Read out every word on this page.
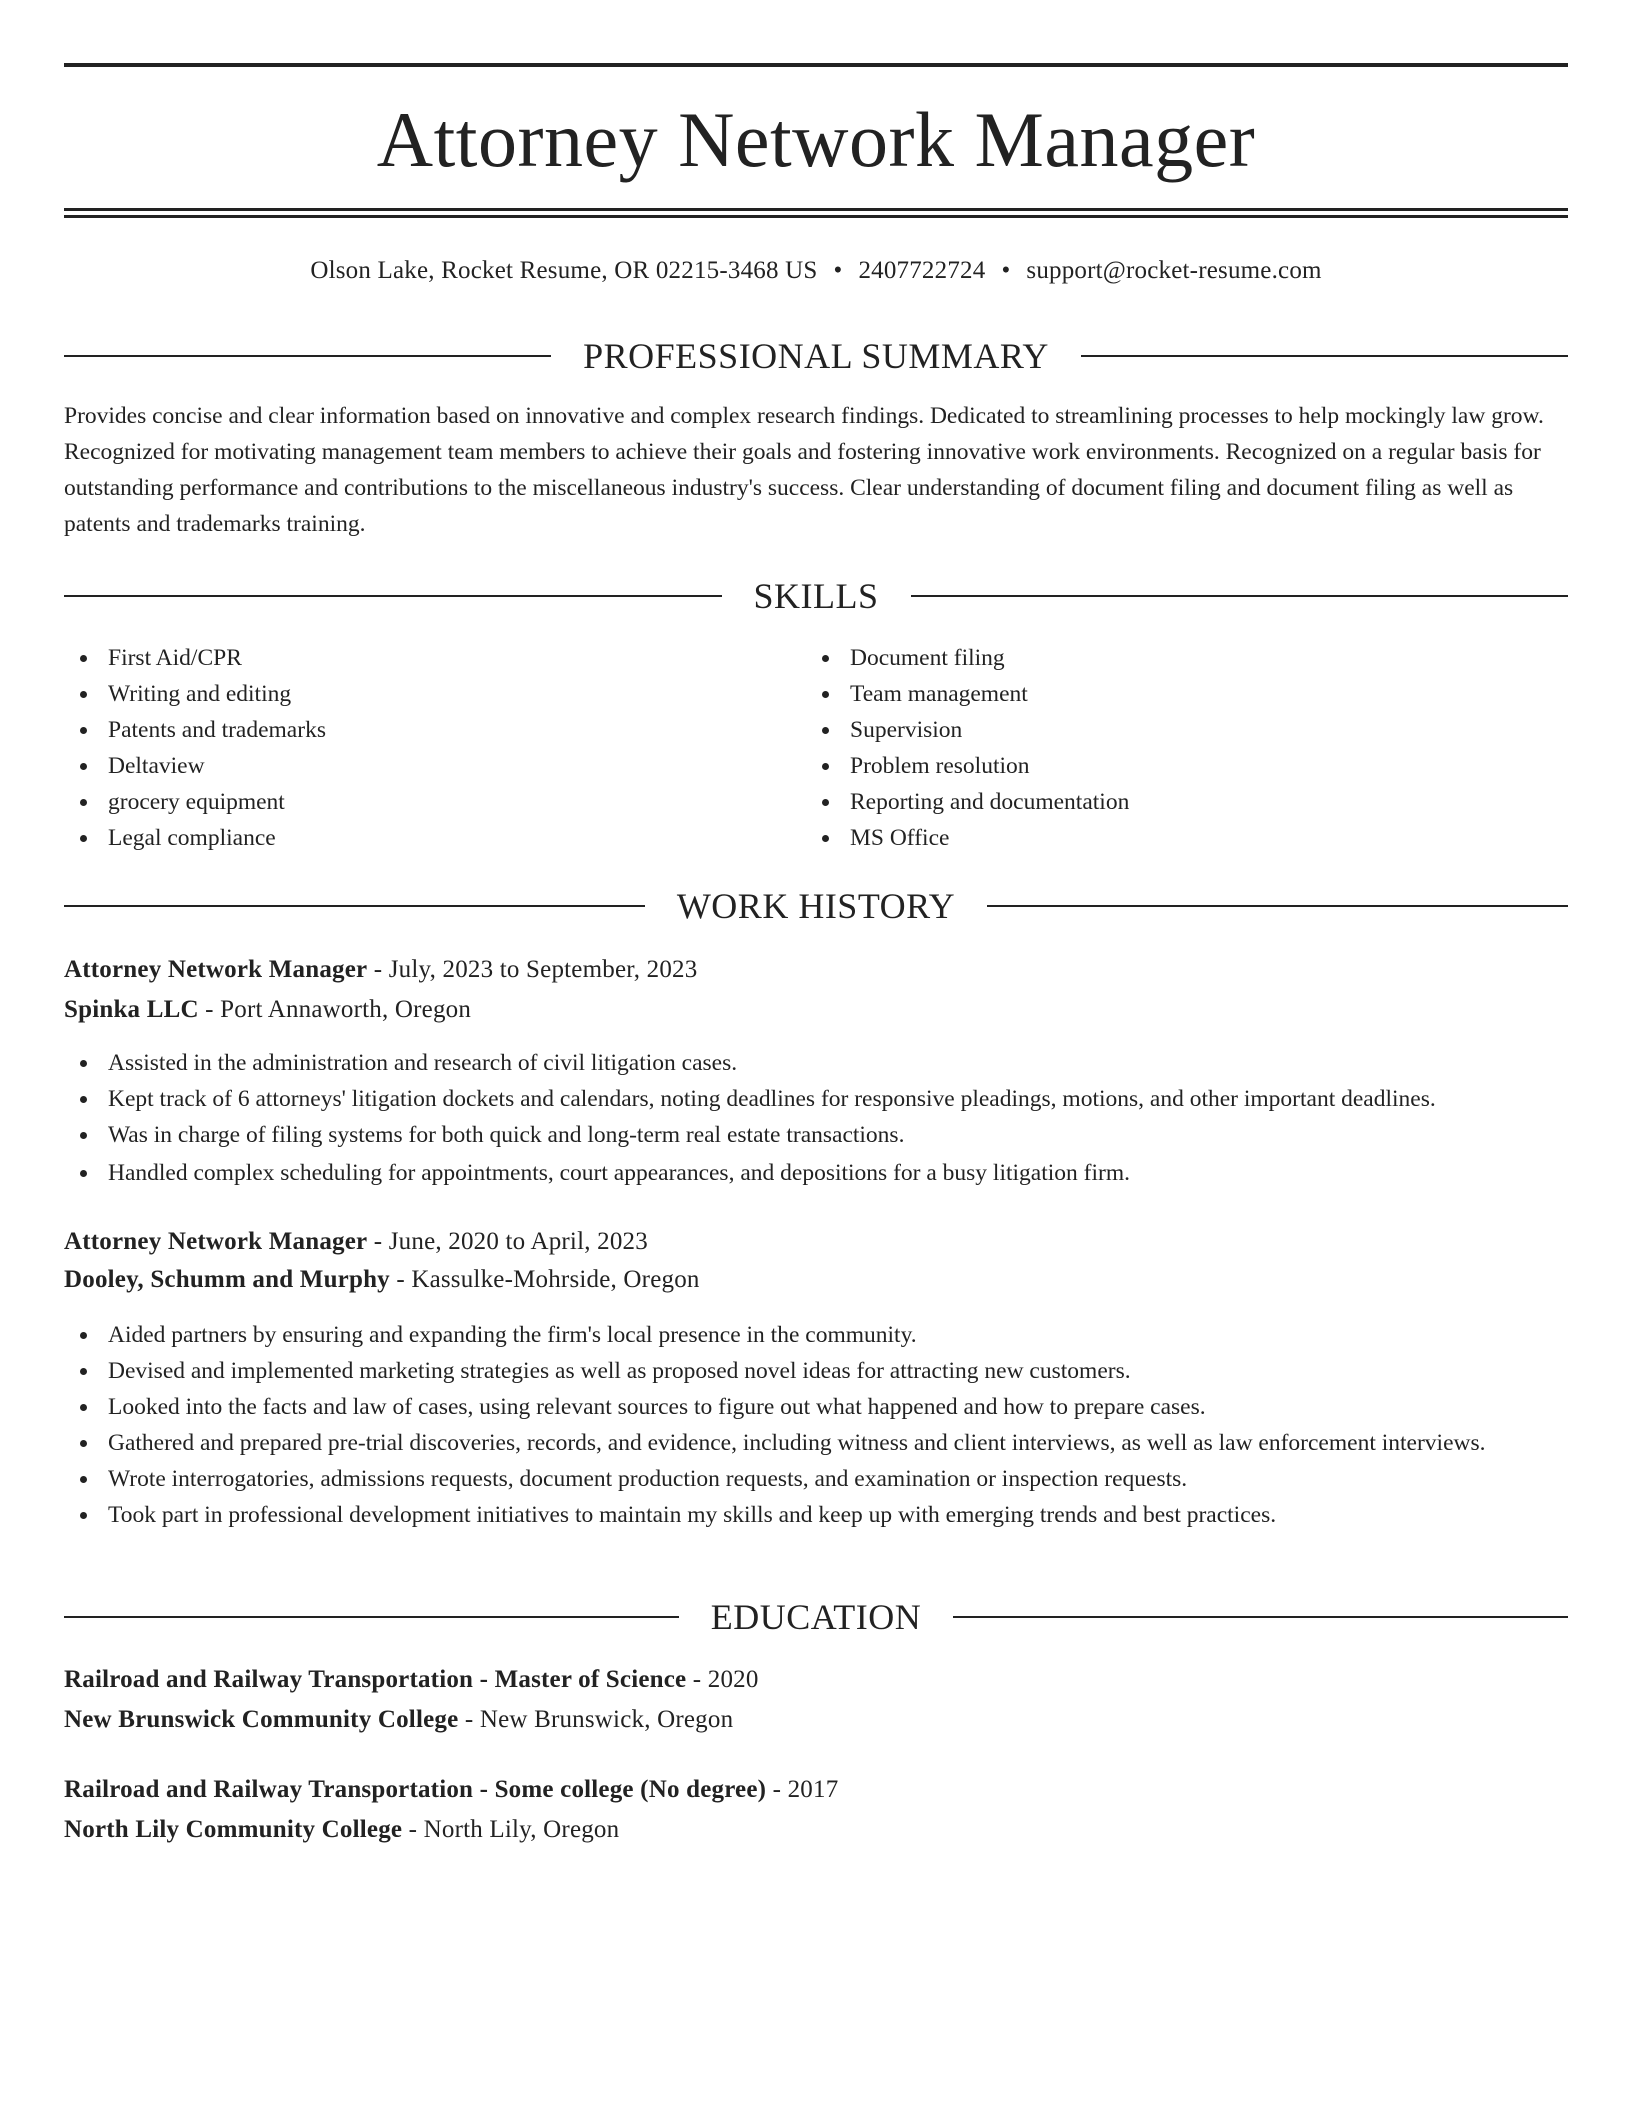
Attorney Network Manager
Olson Lake, Rocket Resume, OR 02215-3468 US • 2407722724 • support@rocket-resume.com
PROFESSIONAL SUMMARY

Provides concise and clear information based on innovative and complex research findings. Dedicated to streamlining processes to help mockingly law grow. Recognized for motivating management team members to achieve their goals and fostering innovative work environments. Recognized on a regular basis for outstanding performance and contributions to the miscellaneous industry's success. Clear understanding of document filing and document filing as well as patents and trademarks training.

SKILLS
First Aid/CPR
Writing and editing
Patents and trademarks
Deltaview
grocery equipment
Legal compliance
Document filing
Team management
Supervision
Problem resolution
Reporting and documentation
MS Office
WORK HISTORY
Attorney Network Manager - July, 2023 to September, 2023
Spinka LLC - Port Annaworth, Oregon
Assisted in the administration and research of civil litigation cases.
Kept track of 6 attorneys' litigation dockets and calendars, noting deadlines for responsive pleadings, motions, and other important deadlines.
Was in charge of filing systems for both quick and long-term real estate transactions.
Handled complex scheduling for appointments, court appearances, and depositions for a busy litigation firm.
Attorney Network Manager - June, 2020 to April, 2023
Dooley, Schumm and Murphy - Kassulke-Mohrside, Oregon
Aided partners by ensuring and expanding the firm's local presence in the community.
Devised and implemented marketing strategies as well as proposed novel ideas for attracting new customers.
Looked into the facts and law of cases, using relevant sources to figure out what happened and how to prepare cases.
Gathered and prepared pre-trial discoveries, records, and evidence, including witness and client interviews, as well as law enforcement interviews.
Wrote interrogatories, admissions requests, document production requests, and examination or inspection requests.
Took part in professional development initiatives to maintain my skills and keep up with emerging trends and best practices.
EDUCATION
Railroad and Railway Transportation - Master of Science - 2020
New Brunswick Community College - New Brunswick, Oregon
Railroad and Railway Transportation - Some college (No degree) - 2017
North Lily Community College - North Lily, Oregon
